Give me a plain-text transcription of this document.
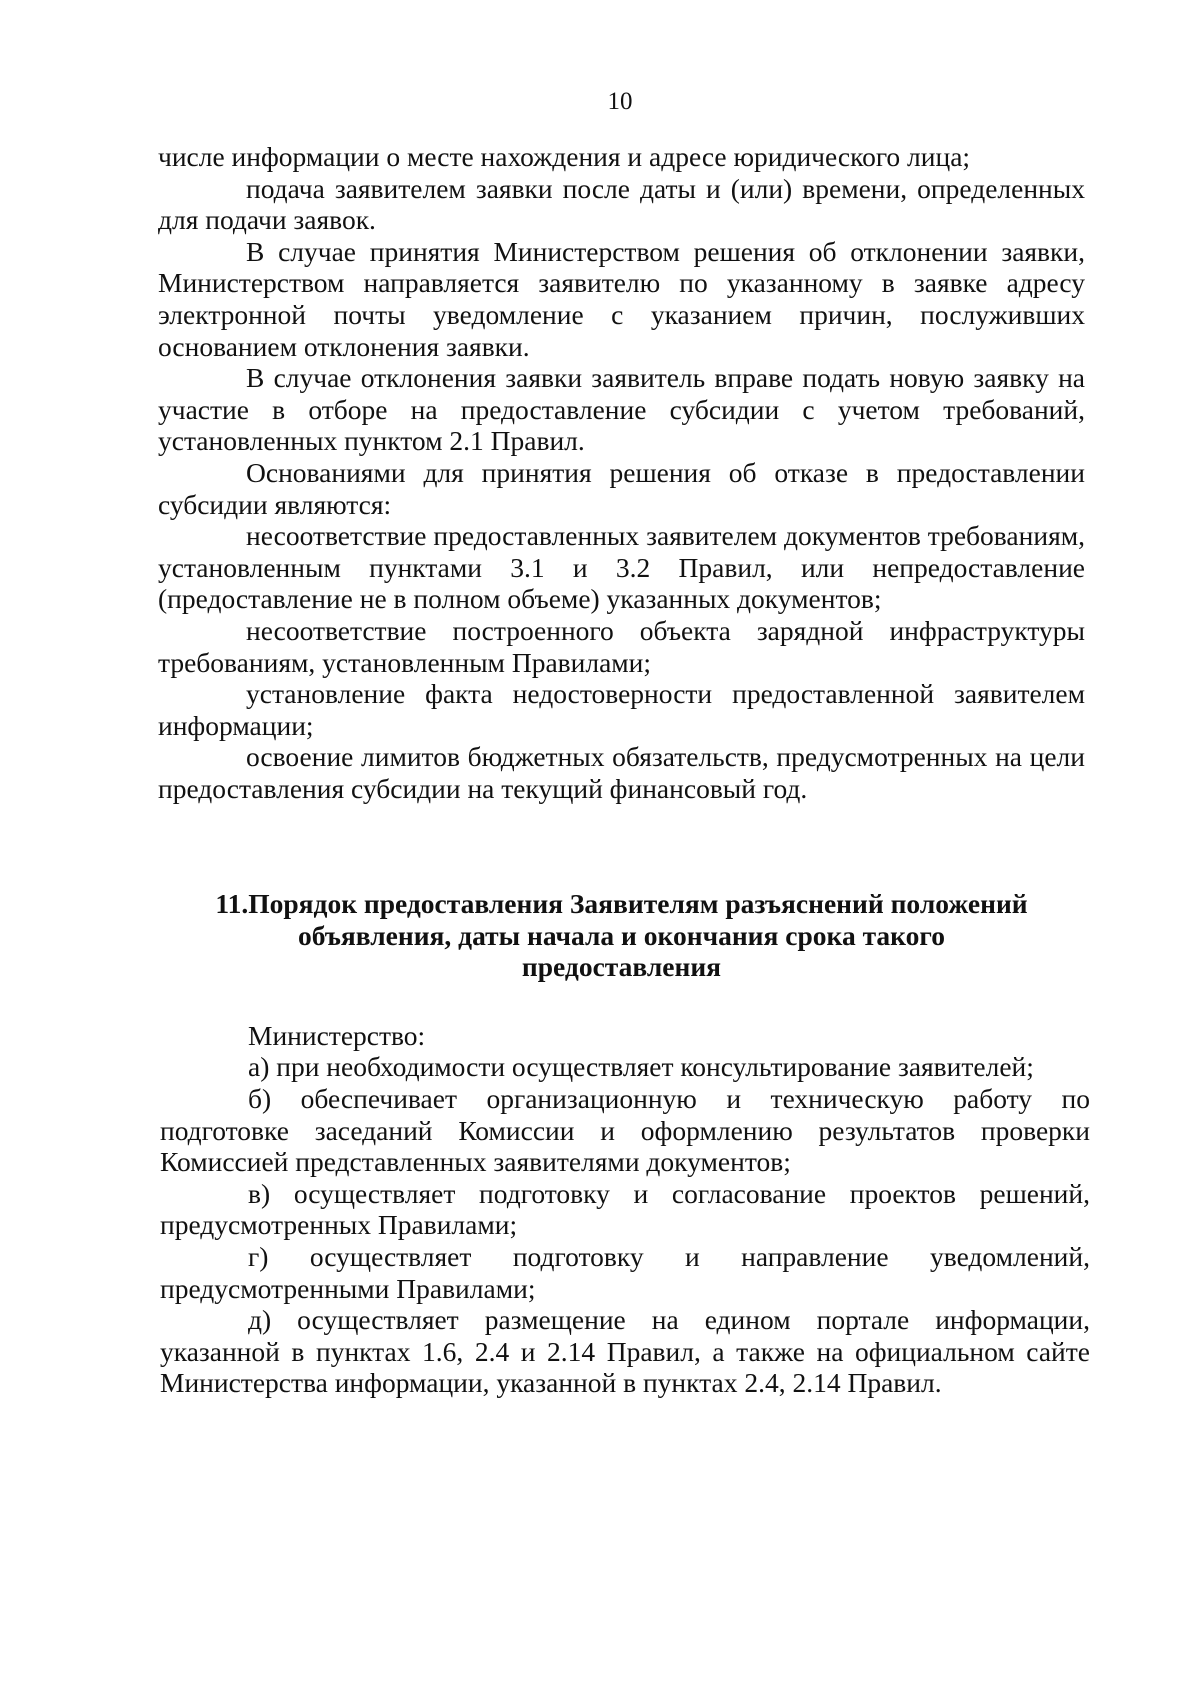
10

числе информации о месте нахождения и адресе юридического лица;

подача заявителем заявки после даты и (или) времени, определенных для подачи заявок.

В случае принятия Министерством решения об отклонении заявки, Министерством направляется заявителю по указанному в заявке адресу электронной почты уведомление с указанием причин, послуживших основанием отклонения заявки.

В случае отклонения заявки заявитель вправе подать новую заявку на участие в отборе на предоставление субсидии с учетом требований, установленных пунктом 2.1 Правил.

Основаниями для принятия решения об отказе в предоставлении субсидии являются:

несоответствие предоставленных заявителем документов требованиям, установленным пунктами 3.1 и 3.2 Правил, или непредоставление (предоставление не в полном объеме) указанных документов;

несоответствие построенного объекта зарядной инфраструктуры требованиям, установленным Правилами;

установление факта недостоверности предоставленной заявителем информации;

освоение лимитов бюджетных обязательств, предусмотренных на цели предоставления субсидии на текущий финансовый год.

11.Порядок предоставления Заявителям разъяснений положений объявления, даты начала и окончания срока такого предоставления

Министерство:

а) при необходимости осуществляет консультирование заявителей;

б) обеспечивает организационную и техническую работу по подготовке заседаний Комиссии и оформлению результатов проверки Комиссией представленных заявителями документов;

в) осуществляет подготовку и согласование проектов решений, предусмотренных Правилами;

г) осуществляет подготовку и направление уведомлений, предусмотренными Правилами;

д) осуществляет размещение на едином портале информации, указанной в пунктах 1.6, 2.4 и 2.14 Правил, а также на официальном сайте Министерства информации, указанной в пунктах 2.4, 2.14 Правил.
